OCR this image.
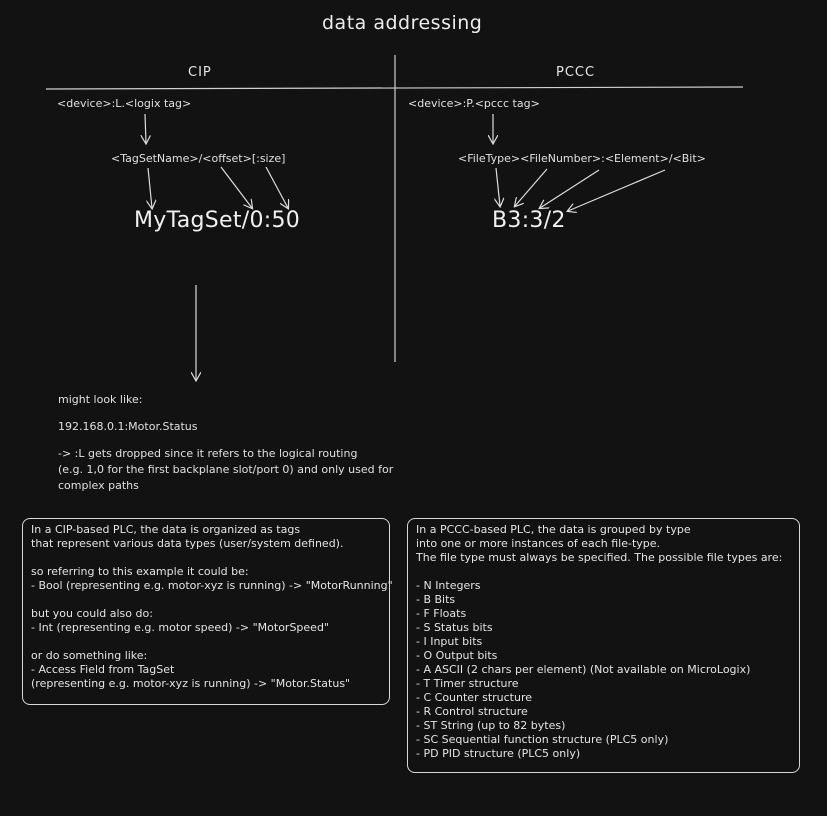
data addressing
CIP	PCCC
<device>:L.<logix tag>
<TagSetName>/<offset>[:size]
MyTagSet/0:50
<device>:P.<pccc tag>
<FileType><FileNumber>:<Element>/<Bit>
B3:3/2
might look like:
192.168.0.1:Motor.Status
-> :L gets dropped since it refers to the logical routing
(e.g. 1,0 for the first backplane slot/port 0) and only used for
complex paths
In a CIP-based PLC, the data is organized as tags
that represent various data types (user/system defined).
so referring to this example it could be:
- Bool (representing e.g. motor-xyz is running) -> "MotorRunning"
but you could also do:
- Int (representing e.g. motor speed) -> "MotorSpeed"
or do something like:
- Access Field from TagSet
(representing e.g. motor-xyz is running) -> "Motor.Status"
In a PCCC-based PLC, the data is grouped by type
into one or more instances of each file-type.
The file type must always be specified. The possible file types are:
- N Integers
- B Bits
- F Floats
- S Status bits
- I Input bits
- O Output bits
- A ASCII (2 chars per element) (Not available on MicroLogix)
- T Timer structure
- C Counter structure
- R Control structure
- ST String (up to 82 bytes)
- SC Sequential function structure (PLC5 only)
- PD PID structure (PLC5 only)
